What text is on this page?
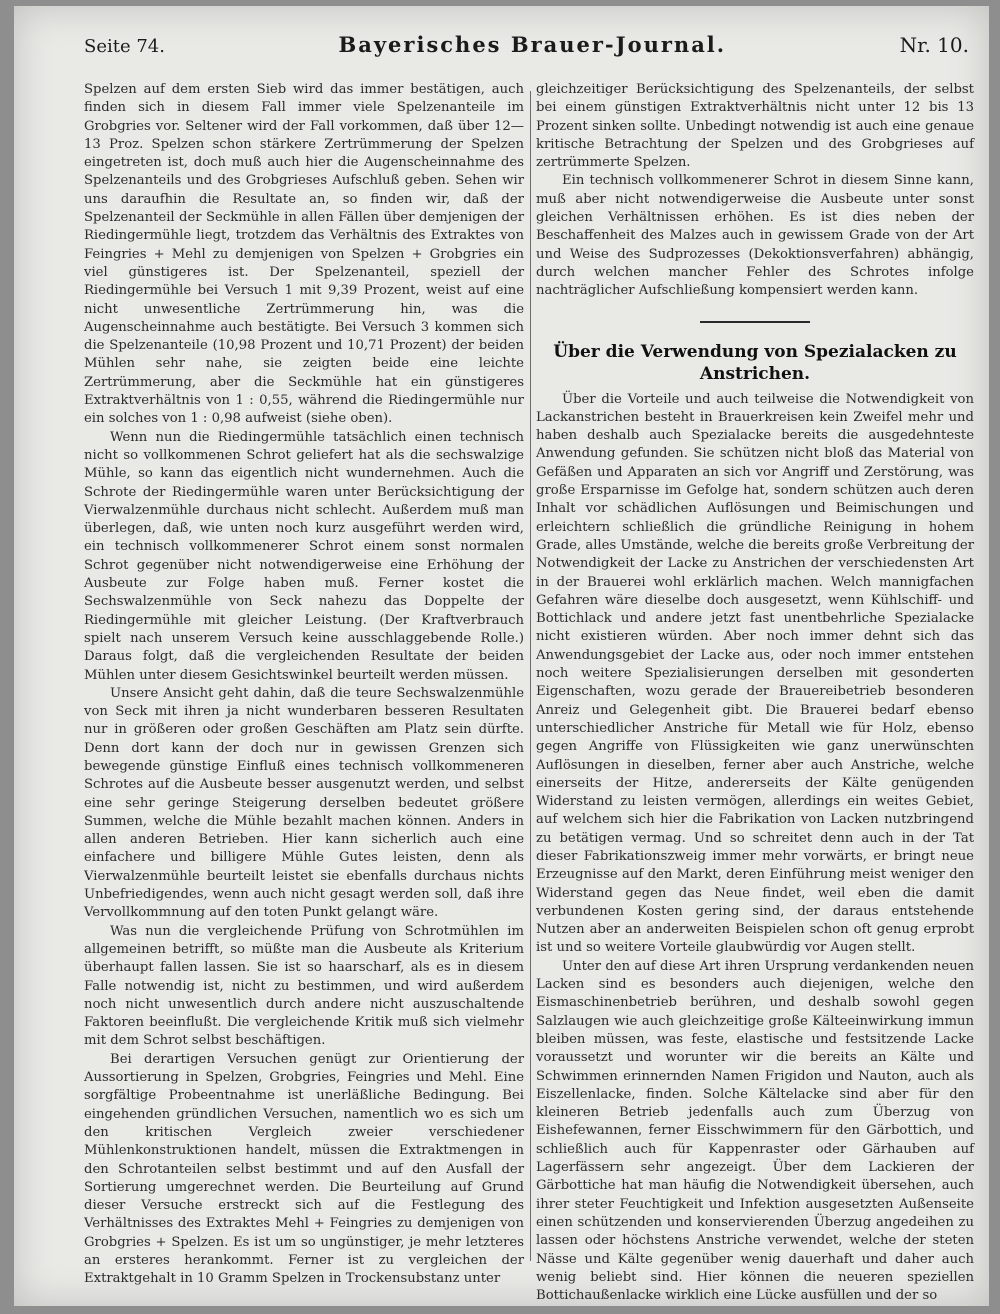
Seite 74.	Bayerisches Brauer-Journal.	Nr. 10.

Spelzen auf dem ersten Sieb wird das immer bestätigen, auch finden sich in diesem Fall immer viele Spelzenanteile im Grobgries vor. Seltener wird der Fall vorkommen, daß über 12—13 Proz. Spelzen schon stärkere Zertrümmerung der Spelzen eingetreten ist, doch muß auch hier die Augenscheinnahme des Spelzenanteils und des Grobgrieses Aufschluß geben. Sehen wir uns daraufhin die Resultate an, so finden wir, daß der Spelzenanteil der Seckmühle in allen Fällen über demjenigen der Riedingermühle liegt, trotzdem das Verhältnis des Extraktes von Feingries + Mehl zu demjenigen von Spelzen + Grobgries ein viel günstigeres ist. Der Spelzenanteil, speziell der Riedingermühle bei Versuch 1 mit 9,39 Prozent, weist auf eine nicht unwesentliche Zertrümmerung hin, was die Augenscheinnahme auch bestätigte. Bei Versuch 3 kommen sich die Spelzenanteile (10,98 Prozent und 10,71 Prozent) der beiden Mühlen sehr nahe, sie zeigten beide eine leichte Zertrümmerung, aber die Seckmühle hat ein günstigeres Extraktverhältnis von 1 : 0,55, während die Riedingermühle nur ein solches von 1 : 0,98 aufweist (siehe oben).

Wenn nun die Riedingermühle tatsächlich einen technisch nicht so vollkommenen Schrot geliefert hat als die sechswalzige Mühle, so kann das eigentlich nicht wundernehmen. Auch die Schrote der Riedingermühle waren unter Berücksichtigung der Vierwalzenmühle durchaus nicht schlecht. Außerdem muß man überlegen, daß, wie unten noch kurz ausgeführt werden wird, ein technisch vollkommenerer Schrot einem sonst normalen Schrot gegenüber nicht notwendigerweise eine Erhöhung der Ausbeute zur Folge haben muß. Ferner kostet die Sechswalzenmühle von Seck nahezu das Doppelte der Riedingermühle mit gleicher Leistung. (Der Kraftverbrauch spielt nach unserem Versuch keine ausschlaggebende Rolle.) Daraus folgt, daß die vergleichenden Resultate der beiden Mühlen unter diesem Gesichtswinkel beurteilt werden müssen.

Unsere Ansicht geht dahin, daß die teure Sechswalzenmühle von Seck mit ihren ja nicht wunderbaren besseren Resultaten nur in größeren oder großen Geschäften am Platz sein dürfte. Denn dort kann der doch nur in gewissen Grenzen sich bewegende günstige Einfluß eines technisch vollkommeneren Schrotes auf die Ausbeute besser ausgenutzt werden, und selbst eine sehr geringe Steigerung derselben bedeutet größere Summen, welche die Mühle bezahlt machen können. Anders in allen anderen Betrieben. Hier kann sicherlich auch eine einfachere und billigere Mühle Gutes leisten, denn als Vierwalzenmühle beurteilt leistet sie ebenfalls durchaus nichts Unbefriedigendes, wenn auch nicht gesagt werden soll, daß ihre Vervollkommnung auf den toten Punkt gelangt wäre.

Was nun die vergleichende Prüfung von Schrotmühlen im allgemeinen betrifft, so müßte man die Ausbeute als Kriterium überhaupt fallen lassen. Sie ist so haarscharf, als es in diesem Falle notwendig ist, nicht zu bestimmen, und wird außerdem noch nicht unwesentlich durch andere nicht auszuschaltende Faktoren beeinflußt. Die vergleichende Kritik muß sich vielmehr mit dem Schrot selbst beschäftigen.

Bei derartigen Versuchen genügt zur Orientierung der Aussortierung in Spelzen, Grobgries, Feingries und Mehl. Eine sorgfältige Probeentnahme ist unerläßliche Bedingung. Bei eingehenden gründlichen Versuchen, namentlich wo es sich um den kritischen Vergleich zweier verschiedener Mühlenkonstruktionen handelt, müssen die Extraktmengen in den Schrotanteilen selbst bestimmt und auf den Ausfall der Sortierung umgerechnet werden. Die Beurteilung auf Grund dieser Versuche erstreckt sich auf die Festlegung des Verhältnisses des Extraktes Mehl + Feingries zu demjenigen von Grobgries + Spelzen. Es ist um so ungünstiger, je mehr letzteres an ersteres herankommt. Ferner ist zu vergleichen der Extraktgehalt in 10 Gramm Spelzen in Trockensubstanz unter

gleichzeitiger Berücksichtigung des Spelzenanteils, der selbst bei einem günstigen Extraktverhältnis nicht unter 12 bis 13 Prozent sinken sollte. Unbedingt notwendig ist auch eine genaue kritische Betrachtung der Spelzen und des Grobgrieses auf zertrümmerte Spelzen.

Ein technisch vollkommenerer Schrot in diesem Sinne kann, muß aber nicht notwendigerweise die Ausbeute unter sonst gleichen Verhältnissen erhöhen. Es ist dies neben der Beschaffenheit des Malzes auch in gewissem Grade von der Art und Weise des Sudprozesses (Dekoktionsverfahren) abhängig, durch welchen mancher Fehler des Schrotes infolge nachträglicher Aufschließung kompensiert werden kann.

Über die Verwendung von Spezialacken zu Anstrichen.

Über die Vorteile und auch teilweise die Notwendigkeit von Lackanstrichen besteht in Brauerkreisen kein Zweifel mehr und haben deshalb auch Spezialacke bereits die ausgedehnteste Anwendung gefunden. Sie schützen nicht bloß das Material von Gefäßen und Apparaten an sich vor Angriff und Zerstörung, was große Ersparnisse im Gefolge hat, sondern schützen auch deren Inhalt vor schädlichen Auflösungen und Beimischungen und erleichtern schließlich die gründliche Reinigung in hohem Grade, alles Umstände, welche die bereits große Verbreitung der Notwendigkeit der Lacke zu Anstrichen der verschiedensten Art in der Brauerei wohl erklärlich machen. Welch mannigfachen Gefahren wäre dieselbe doch ausgesetzt, wenn Kühlschiff- und Bottichlack und andere jetzt fast unentbehrliche Spezialacke nicht existieren würden. Aber noch immer dehnt sich das Anwendungsgebiet der Lacke aus, oder noch immer entstehen noch weitere Spezialisierungen derselben mit gesonderten Eigenschaften, wozu gerade der Brauereibetrieb besonderen Anreiz und Gelegenheit gibt. Die Brauerei bedarf ebenso unterschiedlicher Anstriche für Metall wie für Holz, ebenso gegen Angriffe von Flüssigkeiten wie ganz unerwünschten Auflösungen in dieselben, ferner aber auch Anstriche, welche einerseits der Hitze, andererseits der Kälte genügenden Widerstand zu leisten vermögen, allerdings ein weites Gebiet, auf welchem sich hier die Fabrikation von Lacken nutzbringend zu betätigen vermag. Und so schreitet denn auch in der Tat dieser Fabrikationszweig immer mehr vorwärts, er bringt neue Erzeugnisse auf den Markt, deren Einführung meist weniger den Widerstand gegen das Neue findet, weil eben die damit verbundenen Kosten gering sind, der daraus entstehende Nutzen aber an anderweiten Beispielen schon oft genug erprobt ist und so weitere Vorteile glaubwürdig vor Augen stellt.

Unter den auf diese Art ihren Ursprung verdankenden neuen Lacken sind es besonders auch diejenigen, welche den Eismaschinenbetrieb berühren, und deshalb sowohl gegen Salzlaugen wie auch gleichzeitige große Kälteeinwirkung immun bleiben müssen, was feste, elastische und festsitzende Lacke voraussetzt und worunter wir die bereits an Kälte und Schwimmen erinnernden Namen Frigidon und Nauton, auch als Eiszellenlacke, finden. Solche Kältelacke sind aber für den kleineren Betrieb jedenfalls auch zum Überzug von Eishefewannen, ferner Eisschwimmern für den Gärbottich, und schließlich auch für Kappenraster oder Gärhauben auf Lagerfässern sehr angezeigt. Über dem Lackieren der Gärbottiche hat man häufig die Notwendigkeit übersehen, auch ihrer steter Feuchtigkeit und Infektion ausgesetzten Außenseite einen schützenden und konservierenden Überzug angedeihen zu lassen oder höchstens Anstriche verwendet, welche der steten Nässe und Kälte gegenüber wenig dauerhaft und daher auch wenig beliebt sind. Hier können die neueren speziellen Bottichaußenlacke wirklich eine Lücke ausfüllen und der so
